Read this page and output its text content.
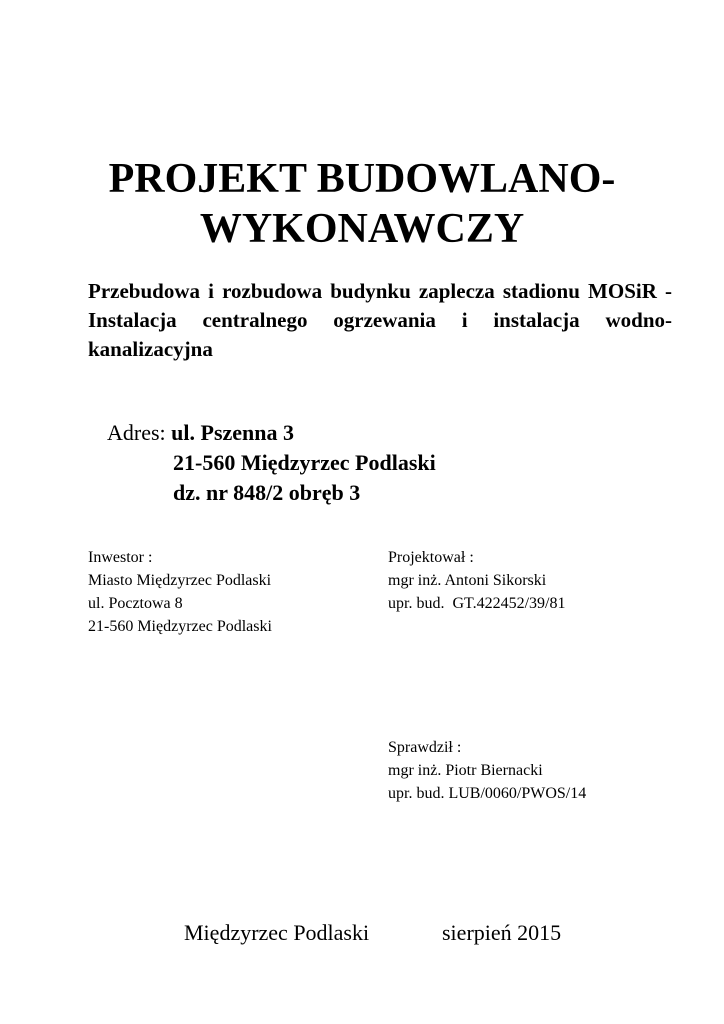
PROJEKT BUDOWLANO-
WYKONAWCZY
Przebudowa i rozbudowa budynku zaplecza stadionu MOSiR - Instalacja centralnego ogrzewania i instalacja wodno-kanalizacyjna
Adres: ul. Pszenna 3
21-560 Międzyrzec Podlaski
dz. nr 848/2 obręb 3
Inwestor :
Miasto Międzyrzec Podlaski
ul. Pocztowa 8
21-560 Międzyrzec Podlaski
Projektował :
mgr inż. Antoni Sikorski
upr. bud.  GT.422452/39/81
Sprawdził :
mgr inż. Piotr Biernacki
upr. bud. LUB/0060/PWOS/14
Międzyrzec Podlaski	sierpień 2015
